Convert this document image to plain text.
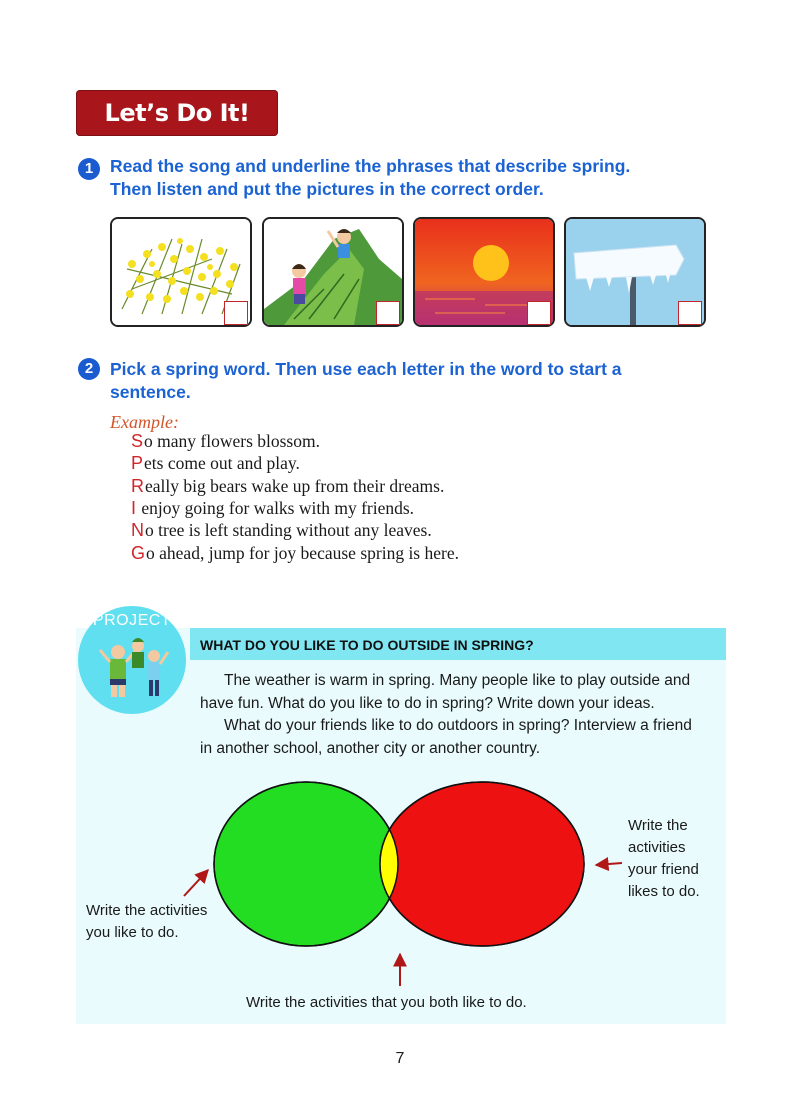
Let’s Do It!
1 Read the song and underline the phrases that describe spring.
Then listen and put the pictures in the correct order.
2 Pick a spring word. Then use each letter in the word to start a
sentence.
Example:
So many flowers blossom.
Pets come out and play.
Really big bears wake up from their dreams.
I enjoy going for walks with my friends.
No tree is left standing without any leaves.
Go ahead, jump for joy because spring is here.
WHAT DO YOU LIKE TO DO OUTSIDE IN SPRING?
PROJECT
The weather is warm in spring. Many people like to play outside and
have fun. What do you like to do in spring? Write down your ideas.
What do your friends like to do outdoors in spring? Interview a friend
in another school, another city or another country.
Write the activities
you like to do.
Write the
activities
your friend
likes to do.
Write the activities that you both like to do.
7
